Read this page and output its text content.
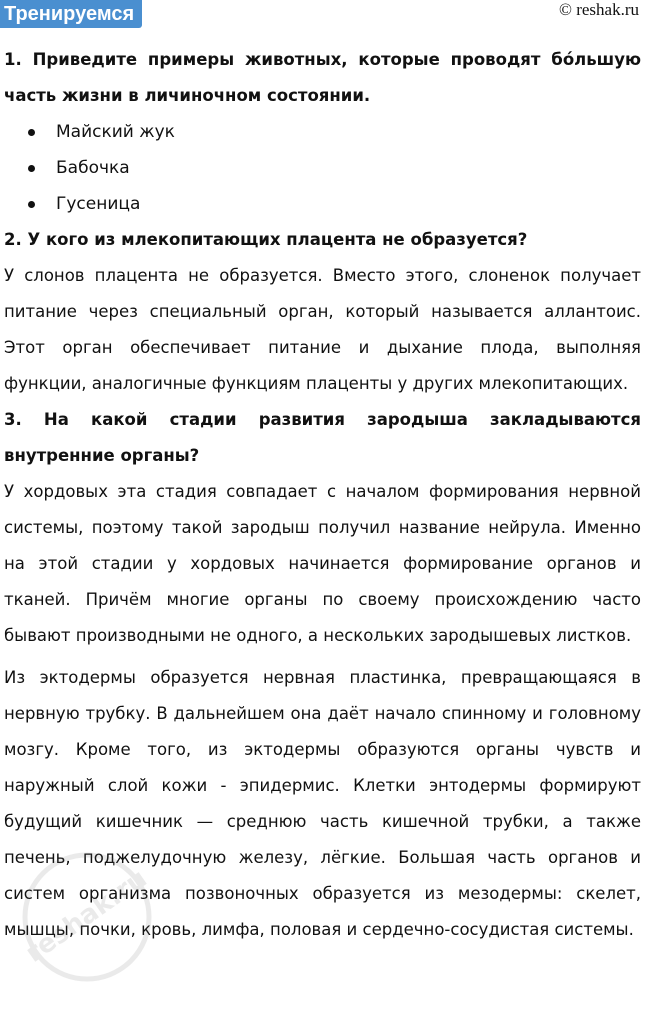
Тренируемся	© reshak.ru
1. Приведите примеры животных, которые проводят бóльшую часть жизни в личиночном состоянии.
Майский жук
Бабочка
Гусеница
2. У кого из млекопитающих плацента не образуется?
У слонов плацента не образуется. Вместо этого, слоненок получает питание через специальный орган, который называется аллантоис. Этот орган обеспечивает питание и дыхание плода, выполняя функции, аналогичные функциям плаценты у других млекопитающих.
3. На какой стадии развития зародыша закладываются внутренние органы?
У хордовых эта стадия совпадает с началом формирования нервной системы, поэтому такой зародыш получил название нейрула. Именно на этой стадии у хордовых начинается формирование органов и тканей. Причём многие органы по своему происхождению часто бывают производными не одного, а нескольких зародышевых листков.
Из эктодермы образуется нервная пластинка, превращающаяся в нервную трубку. В дальнейшем она даёт начало спинному и головному мозгу. Кроме того, из эктодермы образуются органы чувств и наружный слой кожи - эпидермис. Клетки энтодермы формируют будущий кишечник — среднюю часть кишечной трубки, а также печень, поджелудочную железу, лёгкие. Большая часть органов и систем организма позвоночных образуется из мезодермы: скелет, мышцы, почки, кровь, лимфа, половая и сердечно-сосудистая системы.
reshak.ru
